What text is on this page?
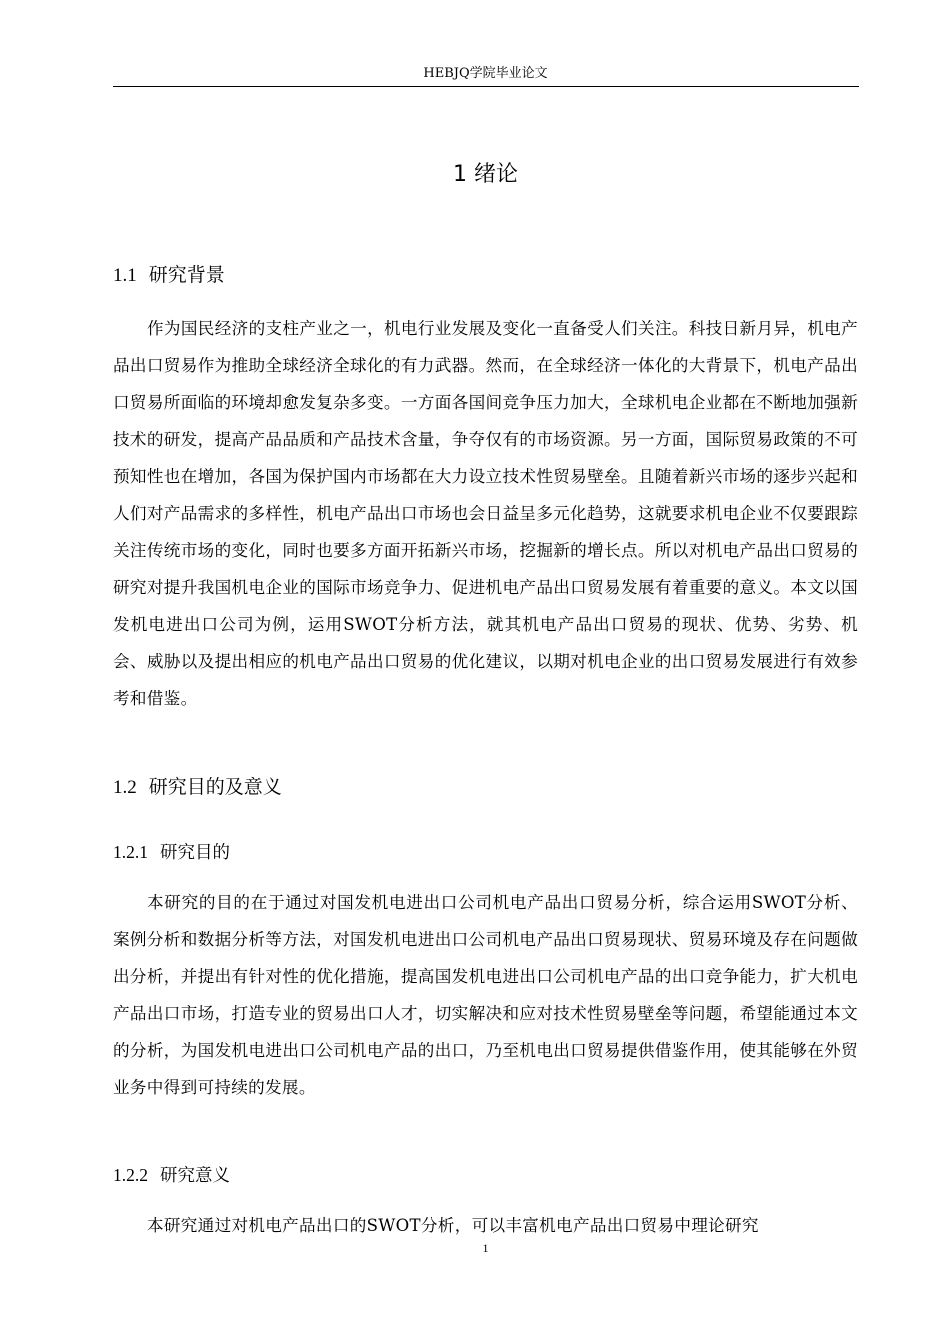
HEBJQ学院毕业论文
1 绪论
1.1 研究背景

作为国民经济的支柱产业之一，机电行业发展及变化一直备受人们关注。科技日新月异，机电产品出口贸易作为推助全球经济全球化的有力武器。然而，在全球经济一体化的大背景下，机电产品出口贸易所面临的环境却愈发复杂多变。一方面各国间竞争压力加大，全球机电企业都在不断地加强新技术的研发，提高产品品质和产品技术含量，争夺仅有的市场资源。另一方面，国际贸易政策的不可预知性也在增加，各国为保护国内市场都在大力设立技术性贸易壁垒。且随着新兴市场的逐步兴起和人们对产品需求的多样性，机电产品出口市场也会日益呈多元化趋势，这就要求机电企业不仅要跟踪关注传统市场的变化，同时也要多方面开拓新兴市场，挖掘新的增长点。所以对机电产品出口贸易的研究对提升我国机电企业的国际市场竞争力、促进机电产品出口贸易发展有着重要的意义。本文以国发机电进出口公司为例，运用SWOT分析方法，就其机电产品出口贸易的现状、优势、劣势、机会、威胁以及提出相应的机电产品出口贸易的优化建议，以期对机电企业的出口贸易发展进行有效参考和借鉴。

1.2 研究目的及意义
1.2.1 研究目的

本研究的目的在于通过对国发机电进出口公司机电产品出口贸易分析，综合运用SWOT分析、案例分析和数据分析等方法，对国发机电进出口公司机电产品出口贸易现状、贸易环境及存在问题做出分析，并提出有针对性的优化措施，提高国发机电进出口公司机电产品的出口竞争能力，扩大机电产品出口市场，打造专业的贸易出口人才，切实解决和应对技术性贸易壁垒等问题，希望能通过本文的分析，为国发机电进出口公司机电产品的出口，乃至机电出口贸易提供借鉴作用，使其能够在外贸业务中得到可持续的发展。

1.2.2 研究意义

本研究通过对机电产品出口的SWOT分析，可以丰富机电产品出口贸易中理论研究

1
